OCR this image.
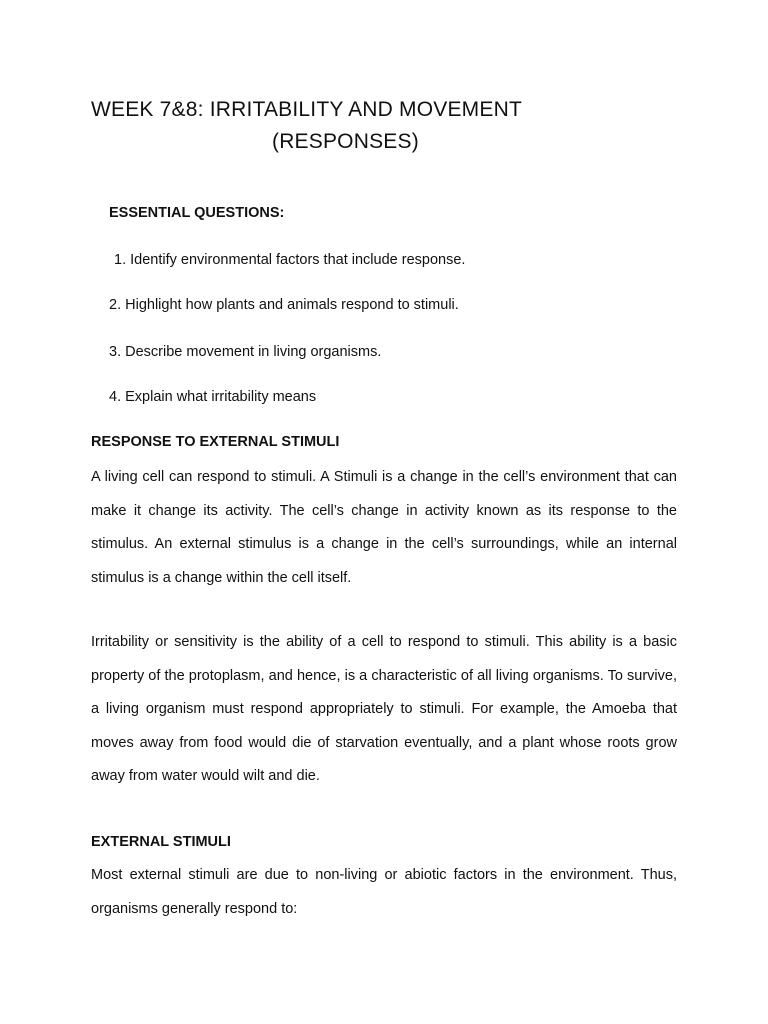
WEEK 7&8: IRRITABILITY AND MOVEMENT
(RESPONSES)
ESSENTIAL QUESTIONS:
1. Identify environmental factors that include response.
2. Highlight how plants and animals respond to stimuli.
3. Describe movement in living organisms.
4. Explain what irritability means
RESPONSE TO EXTERNAL STIMULI
A living cell can respond to stimuli. A Stimuli is a change in the cell’s environment that can make it change its activity. The cell’s change in activity known as its response to the stimulus. An external stimulus is a change in the cell’s surroundings, while an internal stimulus is a change within the cell itself.
Irritability or sensitivity is the ability of a cell to respond to stimuli. This ability is a basic property of the protoplasm, and hence, is a characteristic of all living organisms. To survive, a living organism must respond appropriately to stimuli. For example, the Amoeba that moves away from food would die of starvation eventually, and a plant whose roots grow away from water would wilt and die.
EXTERNAL STIMULI
Most external stimuli are due to non-living or abiotic factors in the environment. Thus, organisms generally respond to:
